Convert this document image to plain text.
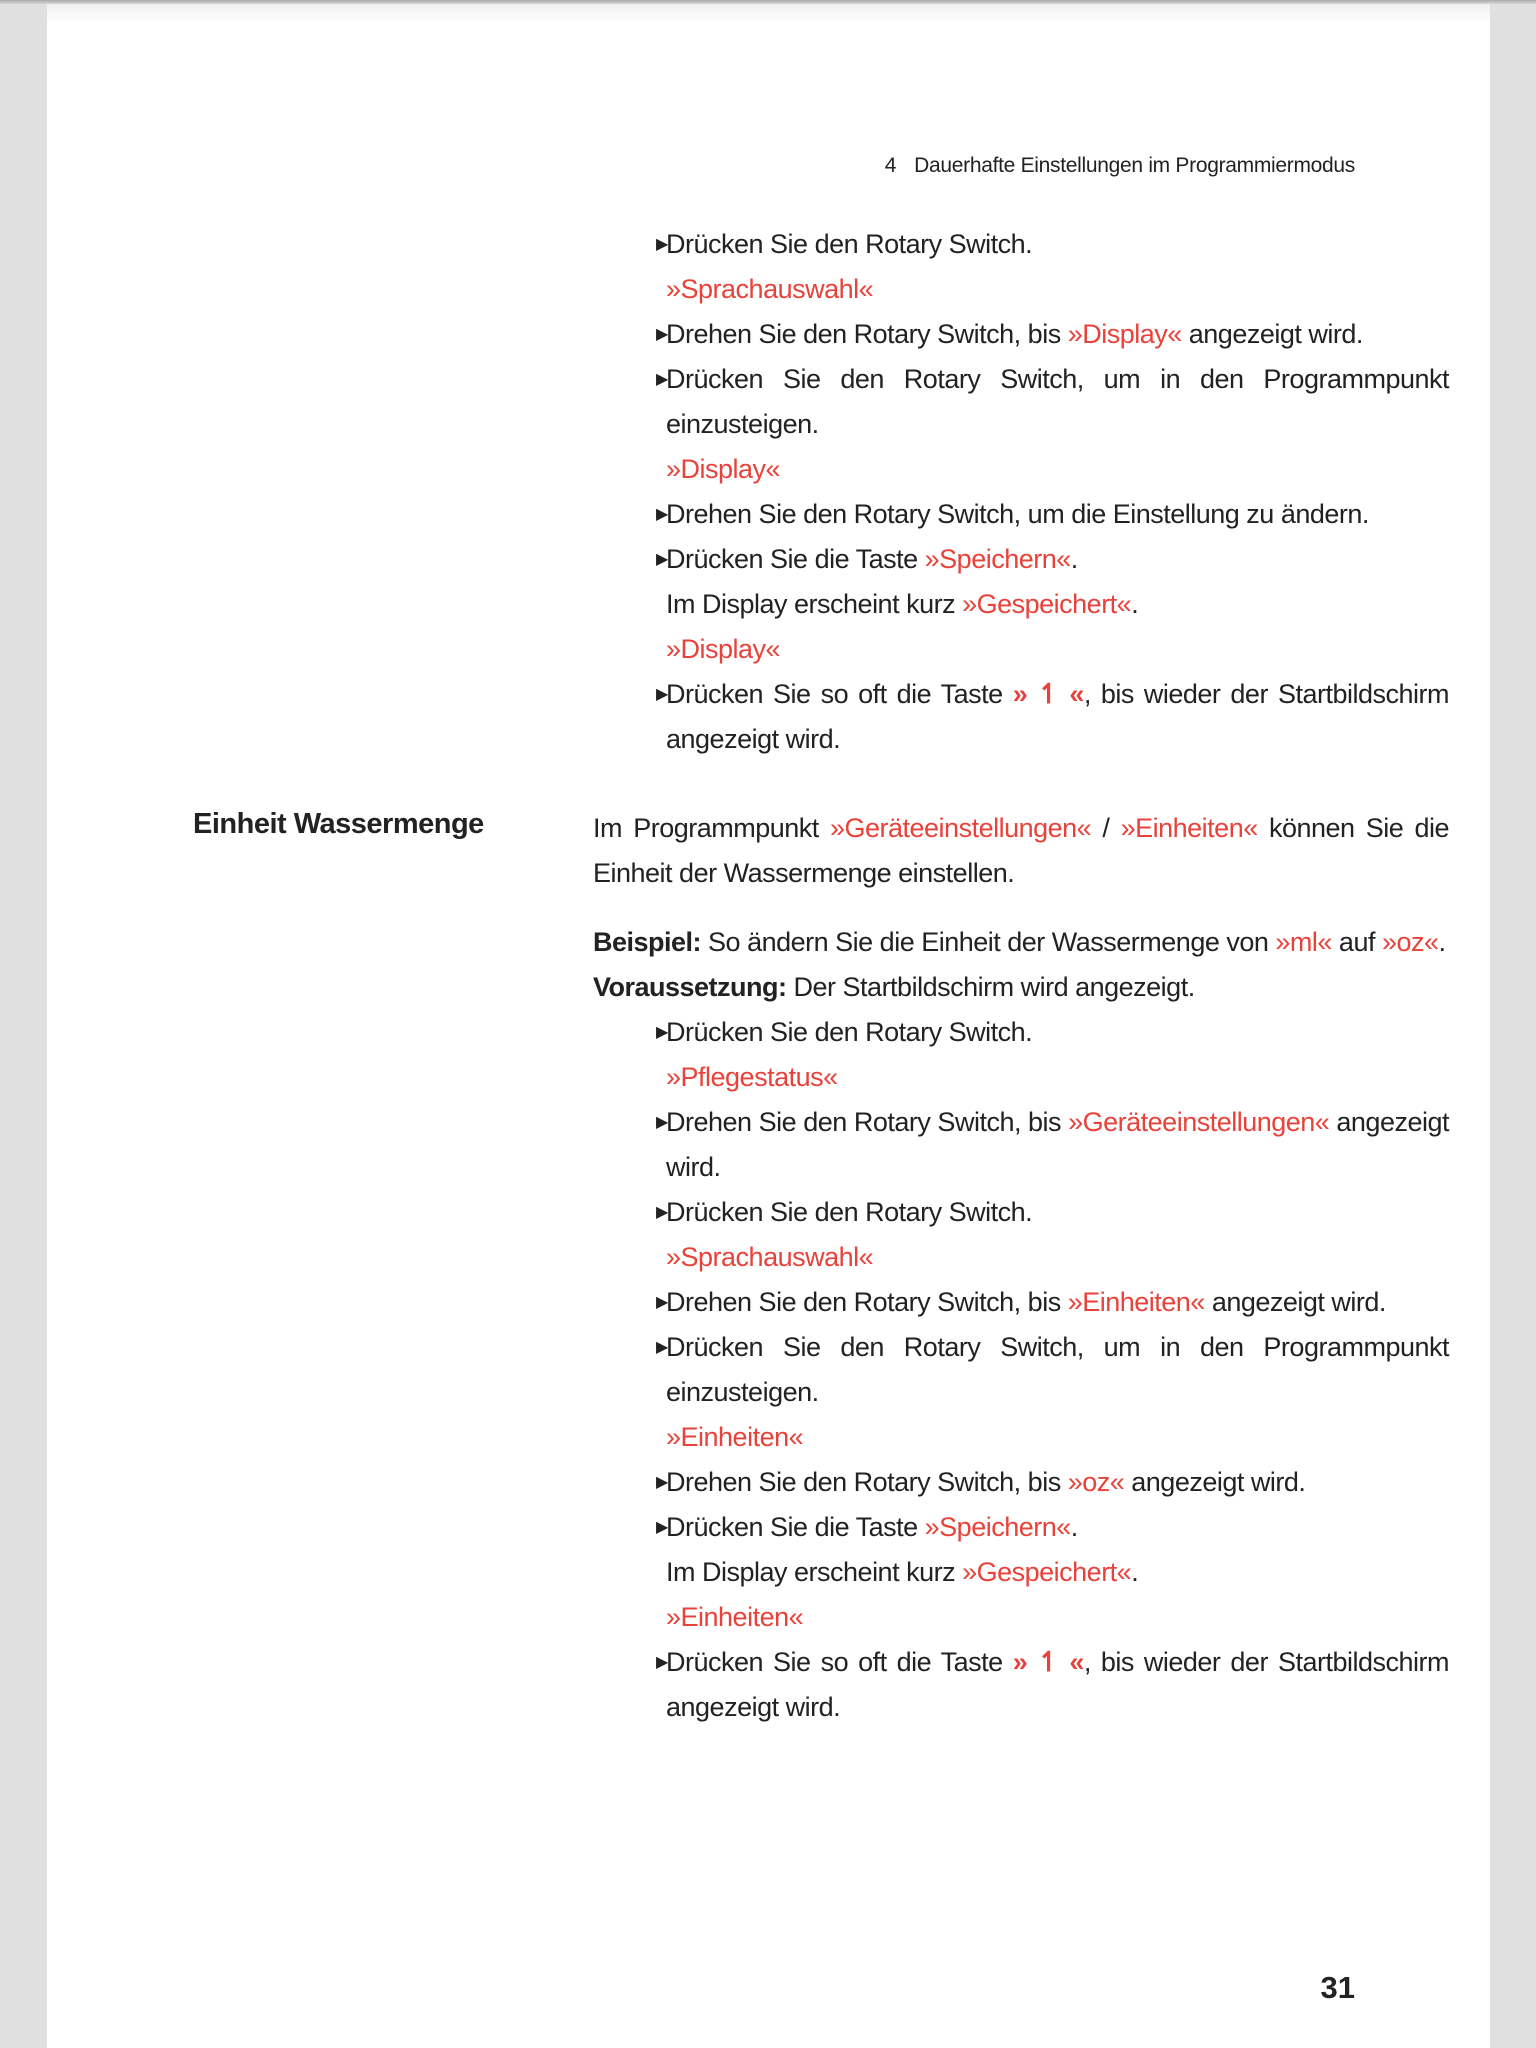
4 Dauerhafte Einstellungen im Programmiermodus
▶
Drücken Sie den Rotary Switch.
»Sprachauswahl«
▶
Drehen Sie den Rotary Switch, bis »Display« angezeigt wird.
▶
Drücken Sie den Rotary Switch, um in den Programmpunkt einzusteigen.
»Display«
▶
Drehen Sie den Rotary Switch, um die Einstellung zu ändern.
▶
Drücken Sie die Taste »Speichern«.
Im Display erscheint kurz »Gespeichert«.
»Display«
▶
Drücken Sie so oft die Taste » ↿ «, bis wieder der Startbildschirm angezeigt wird.
Einheit Wassermenge	Im Programmpunkt »Geräteeinstellungen« / »Einheiten« können Sie die Einheit der Wassermenge einstellen.

Beispiel: So ändern Sie die Einheit der Wassermenge von »ml« auf »oz«.

Voraussetzung: Der Startbildschirm wird angezeigt.

▶
Drücken Sie den Rotary Switch.
»Pflegestatus«
▶
Drehen Sie den Rotary Switch, bis »Geräteeinstellungen« angezeigt wird.
▶
Drücken Sie den Rotary Switch.
»Sprachauswahl«
▶
Drehen Sie den Rotary Switch, bis »Einheiten« angezeigt wird.
▶
Drücken Sie den Rotary Switch, um in den Programmpunkt einzusteigen.
»Einheiten«
▶
Drehen Sie den Rotary Switch, bis »oz« angezeigt wird.
▶
Drücken Sie die Taste »Speichern«.
Im Display erscheint kurz »Gespeichert«.
»Einheiten«
▶
Drücken Sie so oft die Taste » ↿ «, bis wieder der Startbildschirm angezeigt wird.
31
